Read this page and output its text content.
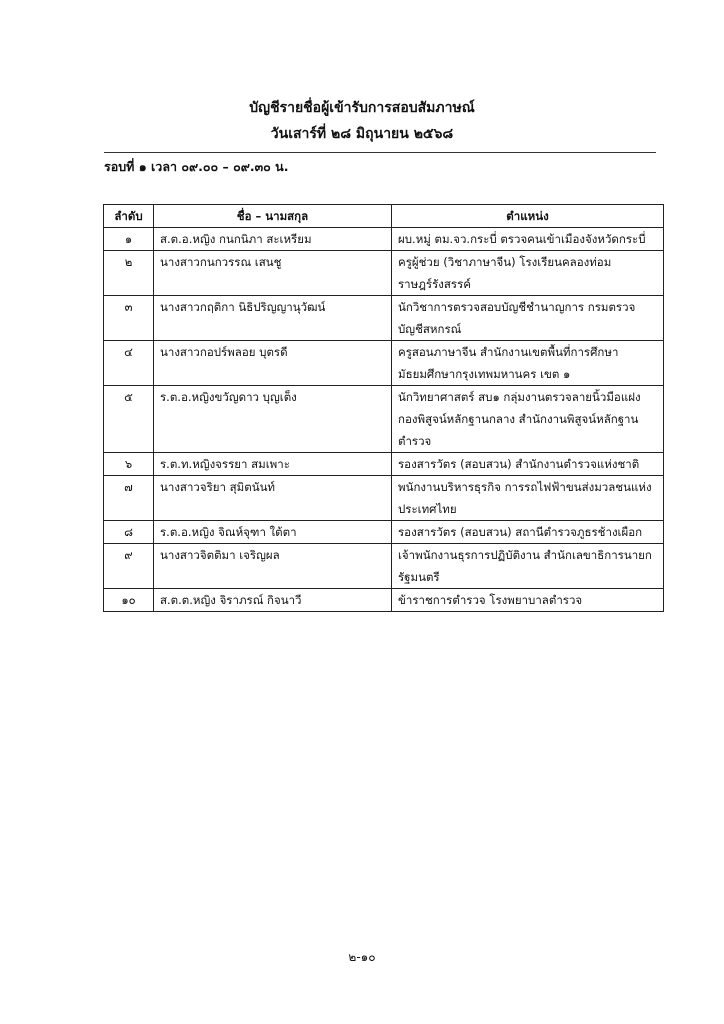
บัญชีรายชื่อผู้เข้ารับการสอบสัมภาษณ์
วันเสาร์ที่ ๒๘ มิถุนายน ๒๕๖๘

รอบที่ ๑ เวลา ๐๙.๐๐ – ๐๙.๓๐ น.

ลำดับ	ชื่อ – นามสกุล	ตำแหน่ง
๑	ส.ต.อ.หญิง กนกนิภา สะเหรียม	ผบ.หมู่ ตม.จว.กระบี่ ตรวจคนเข้าเมืองจังหวัดกระบี่
๒	นางสาวกนกวรรณ เสนชู	ครูผู้ช่วย (วิชาภาษาจีน) โรงเรียนคลองท่อมราษฎร์รังสรรค์
๓	นางสาวกฤติกา นิธิปริญญานุวัฒน์	นักวิชาการตรวจสอบบัญชีชำนาญการ กรมตรวจบัญชีสหกรณ์
๔	นางสาวกอปร์พลอย บุตรดี	ครูสอนภาษาจีน สำนักงานเขตพื้นที่การศึกษามัธยมศึกษากรุงเทพมหานคร เขต ๑
๕	ร.ต.อ.หญิงขวัญดาว บุญเต็ง	นักวิทยาศาสตร์ สบ๑ กลุ่มงานตรวจลายนิ้วมือแฝง กองพิสูจน์หลักฐานกลาง สำนักงานพิสูจน์หลักฐานตำรวจ
๖	ร.ต.ท.หญิงจรรยา สมเพาะ	รองสารวัตร (สอบสวน) สำนักงานตำรวจแห่งชาติ
๗	นางสาวจริยา สุมิตนันท์	พนักงานบริหารธุรกิจ การรถไฟฟ้าขนส่งมวลชนแห่งประเทศไทย
๘	ร.ต.อ.หญิง จิณห์จุฑา ใต้ตา	รองสารวัตร (สอบสวน) สถานีตำรวจภูธรช้างเผือก
๙	นางสาวจิตติมา เจริญผล	เจ้าพนักงานธุรการปฏิบัติงาน สำนักเลขาธิการนายกรัฐมนตรี
๑๐	ส.ต.ต.หญิง จิราภรณ์ กิจนาวี	ข้าราชการตำรวจ โรงพยาบาลตำรวจ

๒-๑๐
